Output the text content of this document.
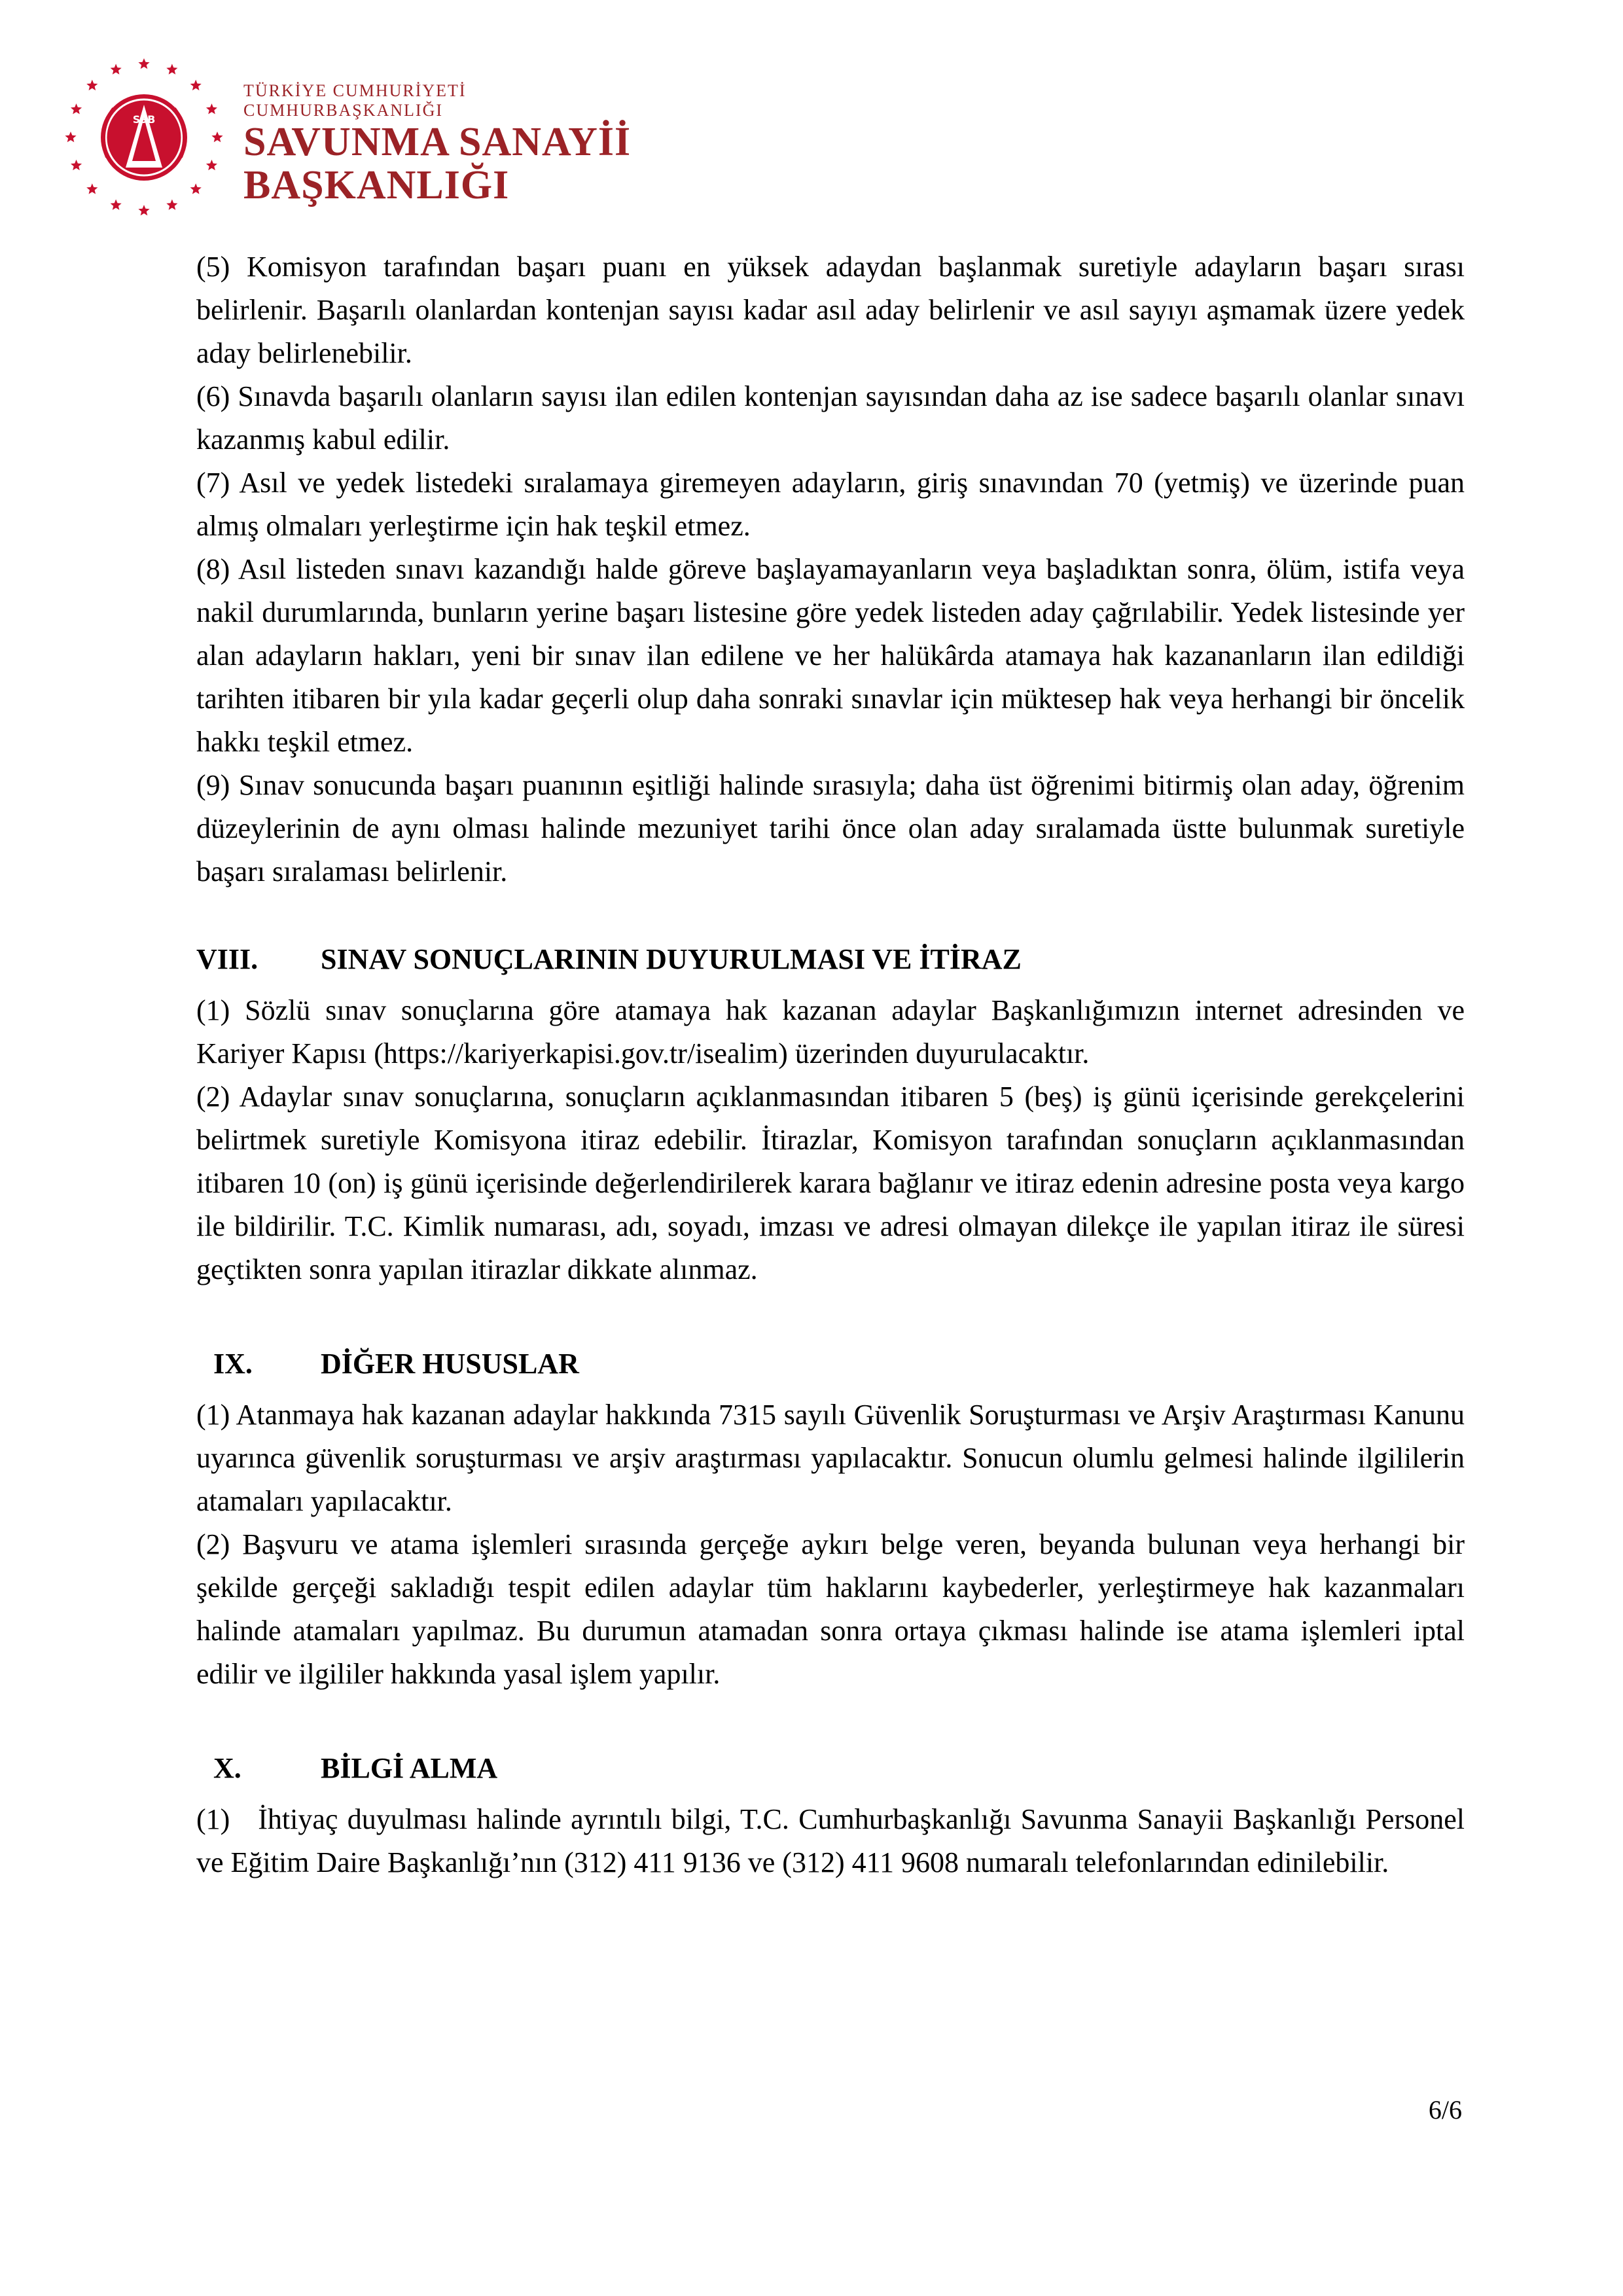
SSB
TÜRKİYE CUMHURİYETİ
CUMHURBAŞKANLIĞI
SAVUNMA SANAYİİ
BAŞKANLIĞI

(5) Komisyon tarafından başarı puanı en yüksek adaydan başlanmak suretiyle adayların başarı sırası belirlenir. Başarılı olanlardan kontenjan sayısı kadar asıl aday belirlenir ve asıl sayıyı aşmamak üzere yedek aday belirlenebilir.

(6) Sınavda başarılı olanların sayısı ilan edilen kontenjan sayısından daha az ise sadece başarılı olanlar sınavı kazanmış kabul edilir.

(7) Asıl ve yedek listedeki sıralamaya giremeyen adayların, giriş sınavından 70 (yetmiş) ve üzerinde puan almış olmaları yerleştirme için hak teşkil etmez.

(8) Asıl listeden sınavı kazandığı halde göreve başlayamayanların veya başladıktan sonra, ölüm, istifa veya nakil durumlarında, bunların yerine başarı listesine göre yedek listeden aday çağrılabilir. Yedek listesinde yer alan adayların hakları, yeni bir sınav ilan edilene ve her halükârda atamaya hak kazananların ilan edildiği tarihten itibaren bir yıla kadar geçerli olup daha sonraki sınavlar için müktesep hak veya herhangi bir öncelik hakkı teşkil etmez.

(9) Sınav sonucunda başarı puanının eşitliği halinde sırasıyla; daha üst öğrenimi bitirmiş olan aday, öğrenim düzeylerinin de aynı olması halinde mezuniyet tarihi önce olan aday sıralamada üstte bulunmak suretiyle başarı sıralaması belirlenir.

VIII.	SINAV SONUÇLARININ DUYURULMASI VE İTİRAZ

(1) Sözlü sınav sonuçlarına göre atamaya hak kazanan adaylar Başkanlığımızın internet adresinden ve Kariyer Kapısı (https://kariyerkapisi.gov.tr/isealim) üzerinden duyurulacaktır.

(2) Adaylar sınav sonuçlarına, sonuçların açıklanmasından itibaren 5 (beş) iş günü içerisinde gerekçelerini belirtmek suretiyle Komisyona itiraz edebilir. İtirazlar, Komisyon tarafından sonuçların açıklanmasından itibaren 10 (on) iş günü içerisinde değerlendirilerek karara bağlanır ve itiraz edenin adresine posta veya kargo ile bildirilir. T.C. Kimlik numarası, adı, soyadı, imzası ve adresi olmayan dilekçe ile yapılan itiraz ile süresi geçtikten sonra yapılan itirazlar dikkate alınmaz.

IX.	DİĞER HUSUSLAR

(1) Atanmaya hak kazanan adaylar hakkında 7315 sayılı Güvenlik Soruşturması ve Arşiv Araştırması Kanunu uyarınca güvenlik soruşturması ve arşiv araştırması yapılacaktır. Sonucun olumlu gelmesi halinde ilgililerin atamaları yapılacaktır.

(2) Başvuru ve atama işlemleri sırasında gerçeğe aykırı belge veren, beyanda bulunan veya herhangi bir şekilde gerçeği sakladığı tespit edilen adaylar tüm haklarını kaybederler, yerleştirmeye hak kazanmaları halinde atamaları yapılmaz. Bu durumun atamadan sonra ortaya çıkması halinde ise atama işlemleri iptal edilir ve ilgililer hakkında yasal işlem yapılır.

X.	BİLGİ ALMA

(1)   İhtiyaç duyulması halinde ayrıntılı bilgi, T.C. Cumhurbaşkanlığı Savunma Sanayii Başkanlığı Personel ve Eğitim Daire Başkanlığı’nın (312) 411 9136 ve (312) 411 9608 numaralı telefonlarından edinilebilir.

6/6
